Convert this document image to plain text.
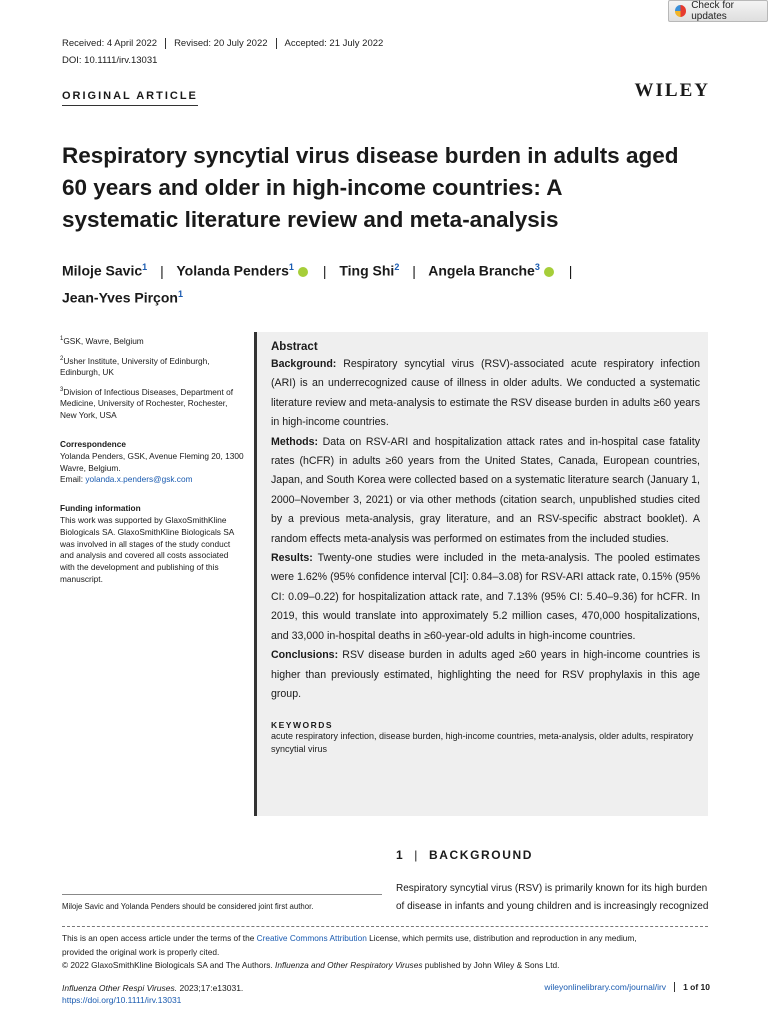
Check for updates
Received: 4 April 2022	Revised: 20 July 2022	Accepted: 21 July 2022
DOI: 10.1111/irv.13031
ORIGINAL ARTICLE	WILEY
Respiratory syncytial virus disease burden in adults aged 60 years and older in high-income countries: A systematic literature review and meta-analysis
Miloje Savic$^1$ | Yolanda Penders$^1$ | Ting Shi$^2$ | Angela Branche$^3$ |
Jean-Yves Pirçon$^1$

$^1$GSK, Wavre, Belgium

$^2$Usher Institute, University of Edinburgh, Edinburgh, UK

$^3$Division of Infectious Diseases, Department of Medicine, University of Rochester, Rochester, New York, USA

Correspondence

Yolanda Penders, GSK, Avenue Fleming 20, 1300 Wavre, Belgium.

Email: yolanda.x.penders@gsk.com

Funding information

This work was supported by GlaxoSmithKline Biologicals SA. GlaxoSmithKline Biologicals SA was involved in all stages of the study conduct and analysis and covered all costs associated with the development and publishing of this manuscript.

Abstract

Background: Respiratory syncytial virus (RSV)-associated acute respiratory infection (ARI) is an underrecognized cause of illness in older adults. We conducted a systematic literature review and meta-analysis to estimate the RSV disease burden in adults ≥60 years in high-income countries.

Methods: Data on RSV-ARI and hospitalization attack rates and in-hospital case fatality rates (hCFR) in adults ≥60 years from the United States, Canada, European countries, Japan, and South Korea were collected based on a systematic literature search (January 1, 2000–November 3, 2021) or via other methods (citation search, unpublished studies cited by a previous meta-analysis, gray literature, and an RSV-specific abstract booklet). A random effects meta-analysis was performed on estimates from the included studies.

Results: Twenty-one studies were included in the meta-analysis. The pooled estimates were 1.62% (95% confidence interval [CI]: 0.84–3.08) for RSV-ARI attack rate, 0.15% (95% CI: 0.09–0.22) for hospitalization attack rate, and 7.13% (95% CI: 5.40–9.36) for hCFR. In 2019, this would translate into approximately 5.2 million cases, 470,000 hospitalizations, and 33,000 in-hospital deaths in ≥60-year-old adults in high-income countries.

Conclusions: RSV disease burden in adults aged ≥60 years in high-income countries is higher than previously estimated, highlighting the need for RSV prophylaxis in this age group.

KEYWORDS
acute respiratory infection, disease burden, high-income countries, meta-analysis, older adults, respiratory syncytial virus
1 | BACKGROUND
Respiratory syncytial virus (RSV) is primarily known for its high burden of disease in infants and young children and is increasingly recognized
Miloje Savic and Yolanda Penders should be considered joint first author.

This is an open access article under the terms of the Creative Commons Attribution License, which permits use, distribution and reproduction in any medium,

provided the original work is properly cited.

© 2022 GlaxoSmithKline Biologicals SA and The Authors. Influenza and Other Respiratory Viruses published by John Wiley & Sons Ltd.

Influenza Other Respi Viruses. 2023;17:e13031.
https://doi.org/10.1111/irv.13031
wileyonlinelibrary.com/journal/irv	1 of 10
